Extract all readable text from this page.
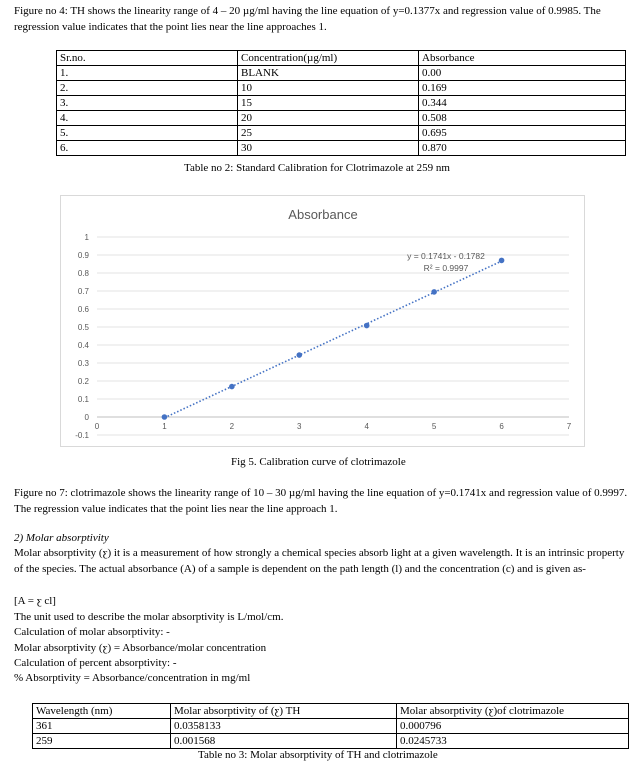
Figure no 4: TH shows the linearity range of 4 – 20 µg/ml having the line equation of y=0.1377x and regression value of 0.9985. The regression value indicates that the point lies near the line approaches 1.

Sr.no.	Concentration(µg/ml)	Absorbance
1.	BLANK	0.00
2.	10	0.169
3.	15	0.344
4.	20	0.508
5.	25	0.695
6.	30	0.870
Table no 2: Standard Calibration for Clotrimazole at 259 nm
Absorbance
-0.1
0
0.1
0.2
0.3
0.4
0.5
0.6
0.7
0.8
0.9
1
0	1	2	3	4	5	6	7
y = 0.1741x - 0.1782
R² = 0.9997
Fig 5. Calibration curve of clotrimazole

Figure no 7: clotrimazole shows the linearity range of 10 – 30 µg/ml having the line equation of y=0.1741x and regression value of 0.9997. The regression value indicates that the point lies near the line approach 1.

2) Molar absorptivity

Molar absorptivity (ƹ) it is a measurement of how strongly a chemical species absorb light at a given wavelength. It is an intrinsic property of the species. The actual absorbance (A) of a sample is dependent on the path length (l) and the concentration (c) and is given as-

[A = ƹ cl]
The unit used to describe the molar absorptivity is L/mol/cm.
Calculation of molar absorptivity: -
Molar absorptivity (ƹ) = Absorbance/molar concentration
Calculation of percent absorptivity: -
% Absorptivity = Absorbance/concentration in mg/ml
Wavelength (nm)	Molar absorptivity of (ƹ) TH	Molar absorptivity (ƹ)of clotrimazole
361	0.0358133	0.000796
259	0.001568	0.0245733
Table no 3: Molar absorptivity of TH and clotrimazole
